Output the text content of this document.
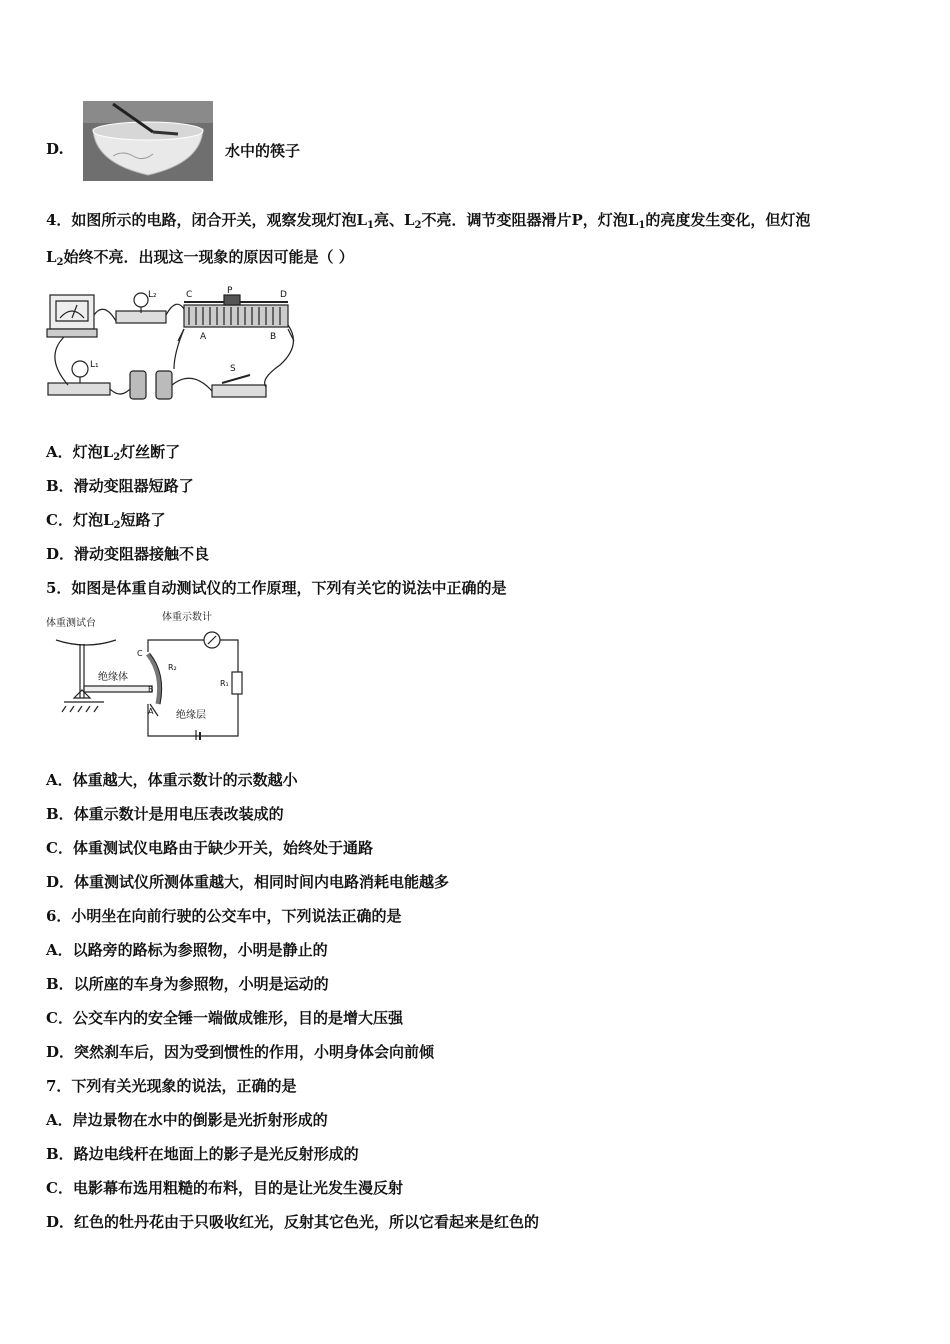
D.	水中的筷子
4．如图所示的电路，闭合开关，观察发现灯泡$L_1$亮、$L_2$不亮．调节变阻器滑片P，灯泡$L_1$的亮度发生变化，但灯泡
$L_2$始终不亮．出现这一现象的原因可能是（ ）
L₂	C	P	D
A	B
L₁	S
A．灯泡$L_2$灯丝断了
B．滑动变阻器短路了
C．灯泡$L_2$短路了
D．滑动变阻器接触不良
5．如图是体重自动测试仪的工作原理，下列有关它的说法中正确的是
体重测试台
体重示数计
绝缘体
绝缘层
C
B
A
R₂
R₁
A．体重越大，体重示数计的示数越小
B．体重示数计是用电压表改装成的
C．体重测试仪电路由于缺少开关，始终处于通路
D．体重测试仪所测体重越大，相同时间内电路消耗电能越多
6．小明坐在向前行驶的公交车中，下列说法正确的是
A．以路旁的路标为参照物，小明是静止的
B．以所座的车身为参照物，小明是运动的
C．公交车内的安全锤一端做成锥形，目的是增大压强
D．突然刹车后，因为受到惯性的作用，小明身体会向前倾
7．下列有关光现象的说法，正确的是
A．岸边景物在水中的倒影是光折射形成的
B．路边电线杆在地面上的影子是光反射形成的
C．电影幕布选用粗糙的布料，目的是让光发生漫反射
D．红色的牡丹花由于只吸收红光，反射其它色光，所以它看起来是红色的
